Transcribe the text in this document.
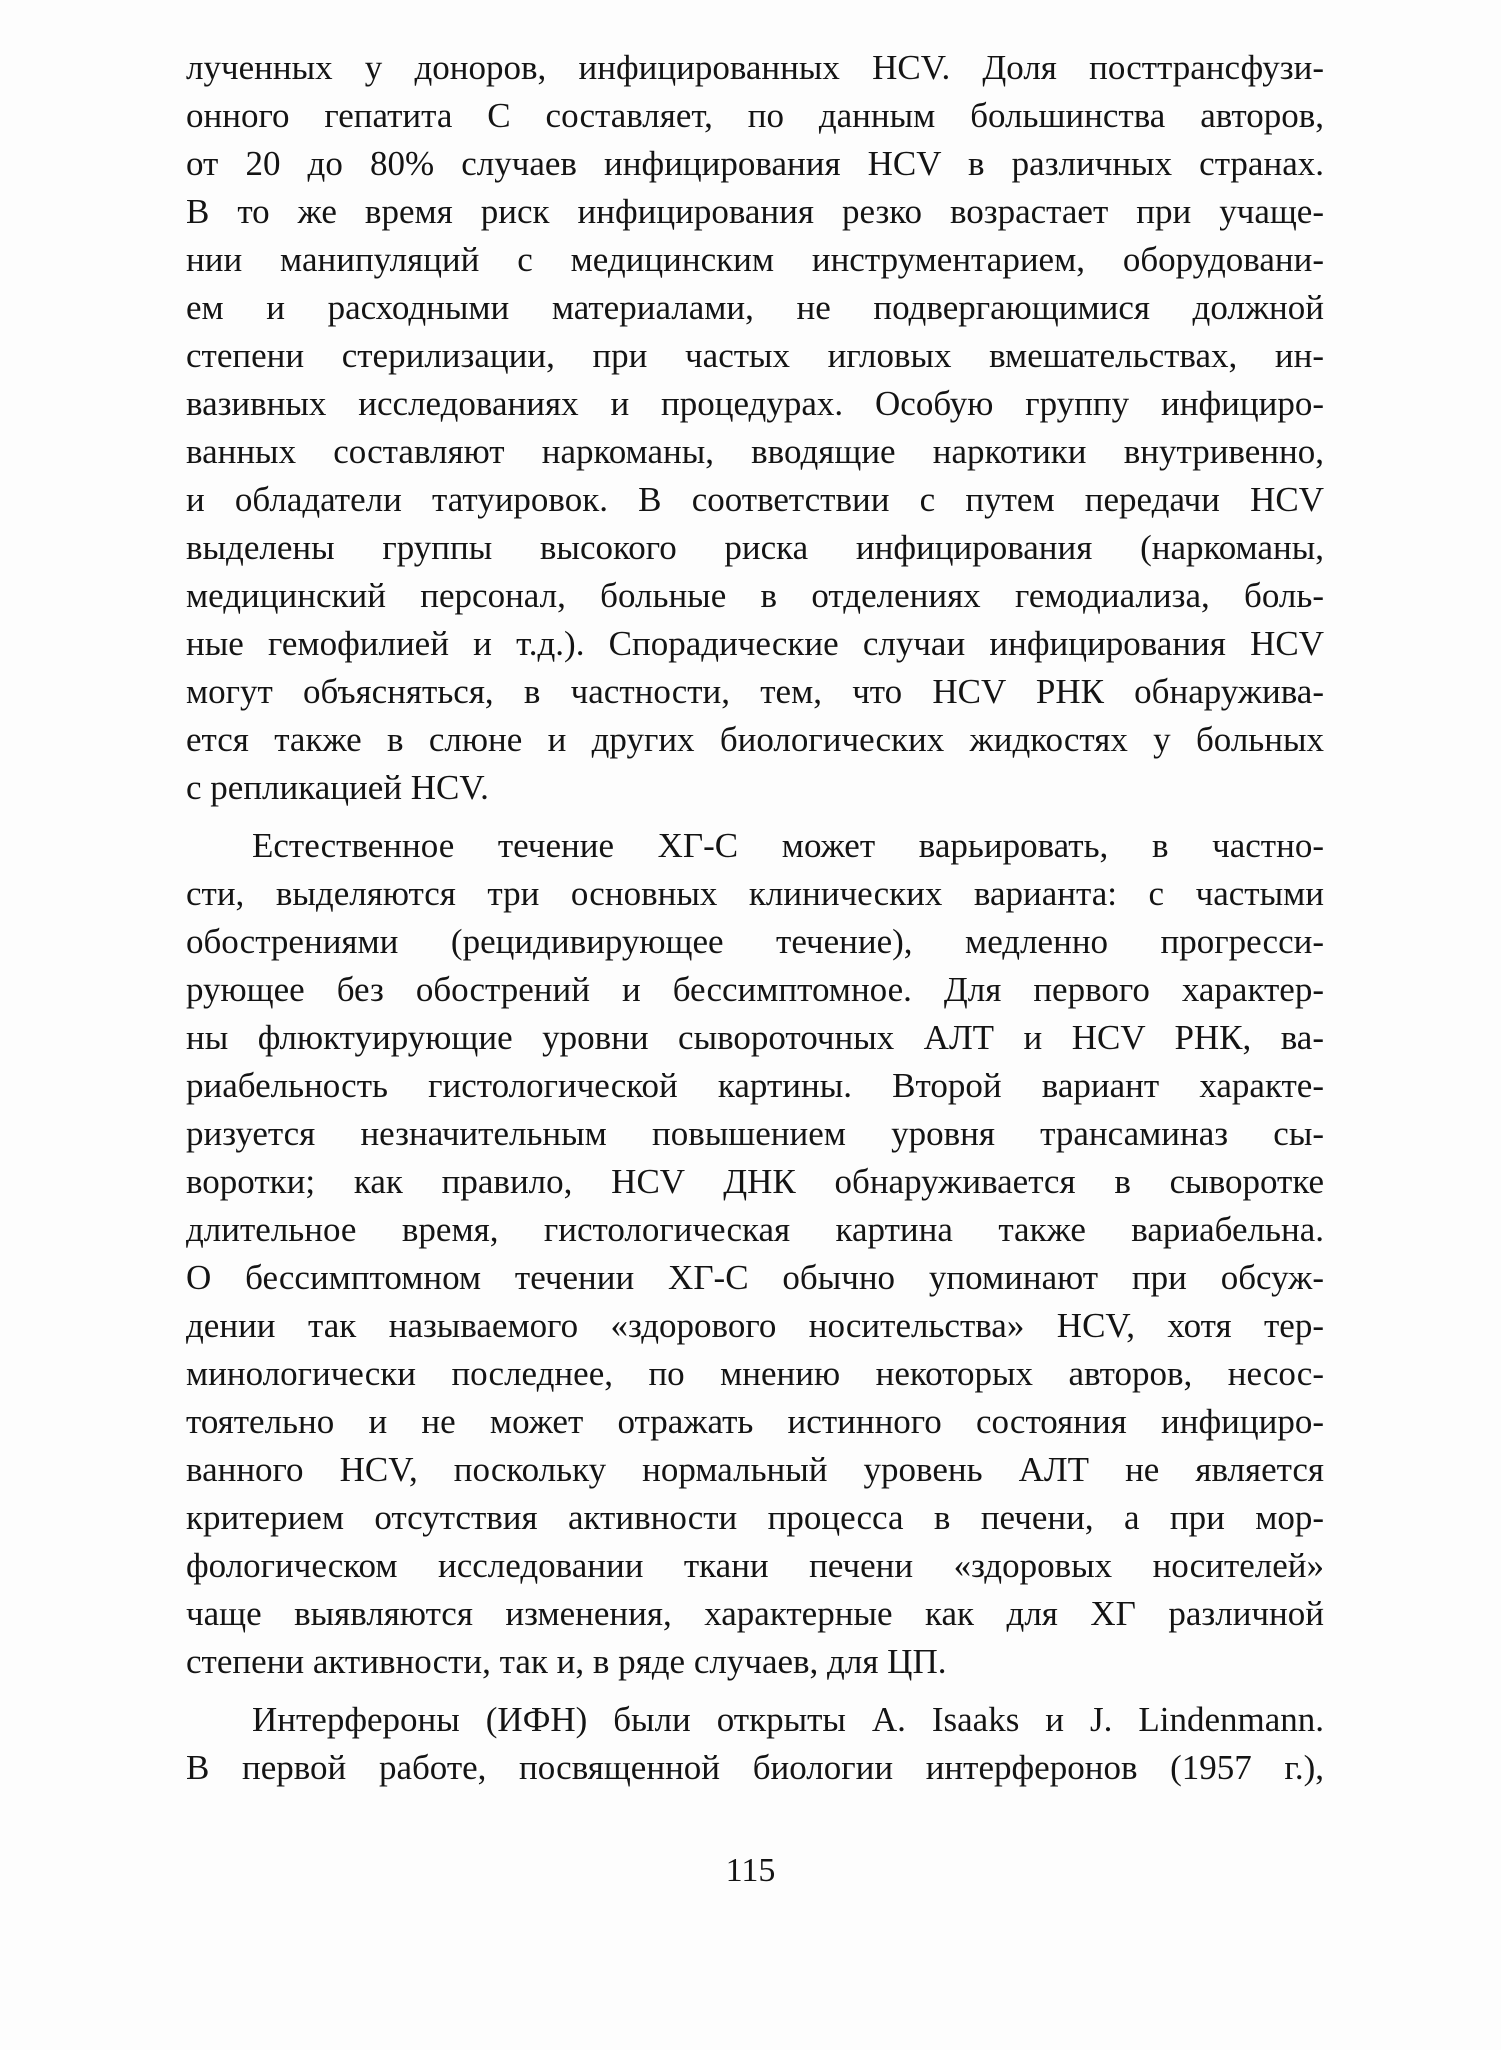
лученных у доноров, инфицированных HCV. Доля посттрансфузи-
онного гепатита С составляет, по данным большинства авторов,
от 20 до 80% случаев инфицирования HCV в различных странах.
В то же время риск инфицирования резко возрастает при учаще-
нии манипуляций с медицинским инструментарием, оборудовани-
ем и расходными материалами, не подвергающимися должной
степени стерилизации, при частых игловых вмешательствах, ин-
вазивных исследованиях и процедурах. Особую группу инфициро-
ванных составляют наркоманы, вводящие наркотики внутривенно,
и обладатели татуировок. В соответствии с путем передачи HCV
выделены группы высокого риска инфицирования (наркоманы,
медицинский персонал, больные в отделениях гемодиализа, боль-
ные гемофилией и т.д.). Спорадические случаи инфицирования HCV
могут объясняться, в частности, тем, что HCV РНК обнаружива-
ется также в слюне и других биологических жидкостях у больных
с репликацией HCV.
Естественное течение ХГ-С может варьировать, в частно-
сти, выделяются три основных клинических варианта: с частыми
обострениями (рецидивирующее течение), медленно прогресси-
рующее без обострений и бессимптомное. Для первого характер-
ны флюктуирующие уровни сывороточных АЛТ и HCV РНК, ва-
риабельность гистологической картины. Второй вариант характе-
ризуется незначительным повышением уровня трансаминаз сы-
воротки; как правило, HCV ДНК обнаруживается в сыворотке
длительное время, гистологическая картина также вариабельна.
О бессимптомном течении ХГ-С обычно упоминают при обсуж-
дении так называемого «здорового носительства» HCV, хотя тер-
минологически последнее, по мнению некоторых авторов, несос-
тоятельно и не может отражать истинного состояния инфициро-
ванного HCV, поскольку нормальный уровень АЛТ не является
критерием отсутствия активности процесса в печени, а при мор-
фологическом исследовании ткани печени «здоровых носителей»
чаще выявляются изменения, характерные как для ХГ различной
степени активности, так и, в ряде случаев, для ЦП.
Интерфероны (ИФН) были открыты A. Isaaks и J. Lindenmann.
В первой работе, посвященной биологии интерферонов (1957 г.),
115
